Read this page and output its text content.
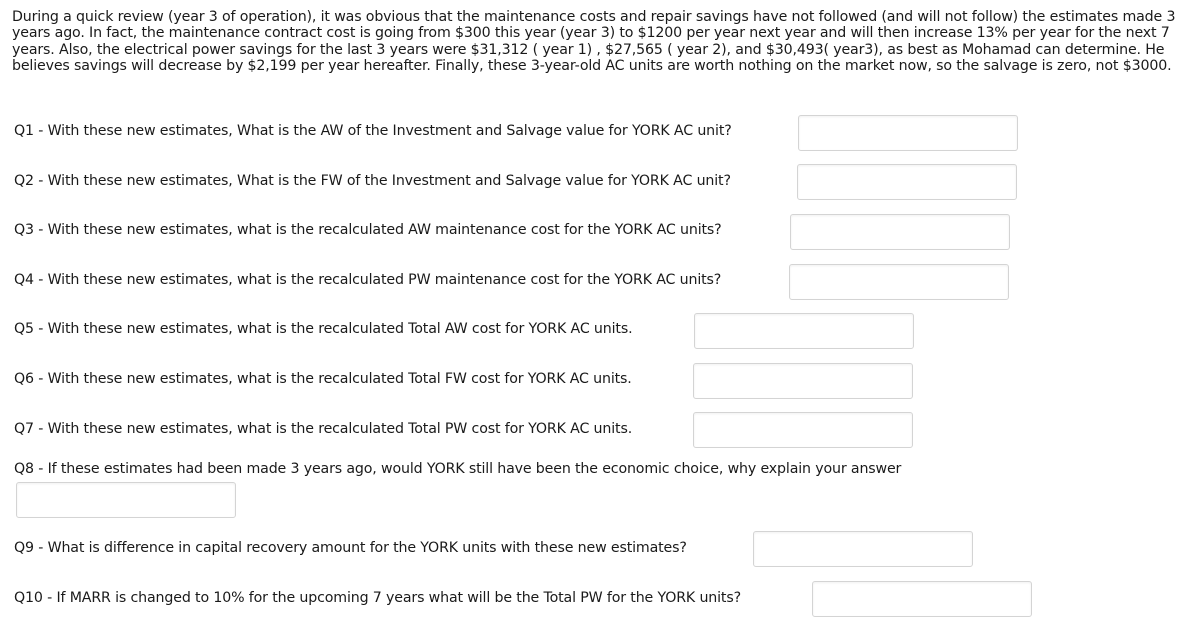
During a quick review (year 3 of operation), it was obvious that the maintenance costs and repair savings have not followed (and will not follow) the estimates made 3 years ago. In fact, the maintenance contract cost is going from $300 this year (year 3) to $1200 per year next year and will then increase 13% per year for the next 7 years. Also, the electrical power savings for the last 3 years were $31,312 ( year 1) , $27,565 ( year 2), and $30,493( year3), as best as Mohamad can determine. He believes savings will decrease by $2,199 per year hereafter. Finally, these 3-year-old AC units are worth nothing on the market now, so the salvage is zero, not $3000.

Q1 - With these new estimates, What is the AW of the Investment and Salvage value for YORK AC unit?
Q2 - With these new estimates, What is the FW of the Investment and Salvage value for YORK AC unit?
Q3 - With these new estimates, what is the recalculated AW maintenance cost for the YORK AC units?
Q4 - With these new estimates, what is the recalculated PW maintenance cost for the YORK AC units?
Q5 - With these new estimates, what is the recalculated Total AW cost for YORK AC units.
Q6 - With these new estimates, what is the recalculated Total FW cost for YORK AC units.
Q7 - With these new estimates, what is the recalculated Total PW cost for YORK AC units.
Q8 - If these estimates had been made 3 years ago, would YORK still have been the economic choice, why explain your answer
Q9 - What is difference in capital recovery amount for the YORK units with these new estimates?
Q10 - If MARR is changed to 10% for the upcoming 7 years what will be the Total PW for the YORK units?
